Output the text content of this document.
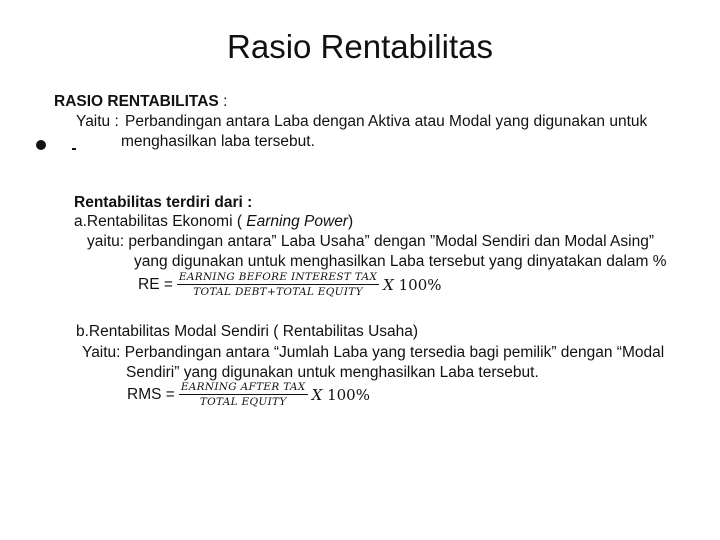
Rasio Rentabilitas
RASIO RENTABILITAS :
Yaitu : Perbandingan antara Laba dengan Aktiva atau Modal yang digunakan untuk
menghasilkan laba tersebut.
Rentabilitas terdiri dari :
a.Rentabilitas Ekonomi ( Earning Power)
yaitu: perbandingan antara” Laba Usaha” dengan ”Modal Sendiri dan Modal Asing”
yang digunakan untuk menghasilkan Laba tersebut yang dinyatakan dalam %
RE = $\frac{\text{EARNING BEFORE INTEREST TAX}}{\text{TOTAL DEBT+TOTAL EQUITY}}$ X 100%
b.Rentabilitas Modal Sendiri ( Rentabilitas Usaha)
Yaitu: Perbandingan antara “Jumlah Laba yang tersedia bagi pemilik” dengan “Modal
Sendiri” yang digunakan untuk menghasilkan Laba tersebut.
RMS = $\frac{\text{EARNING AFTER TAX}}{\text{TOTAL EQUITY}}$ X 100%
